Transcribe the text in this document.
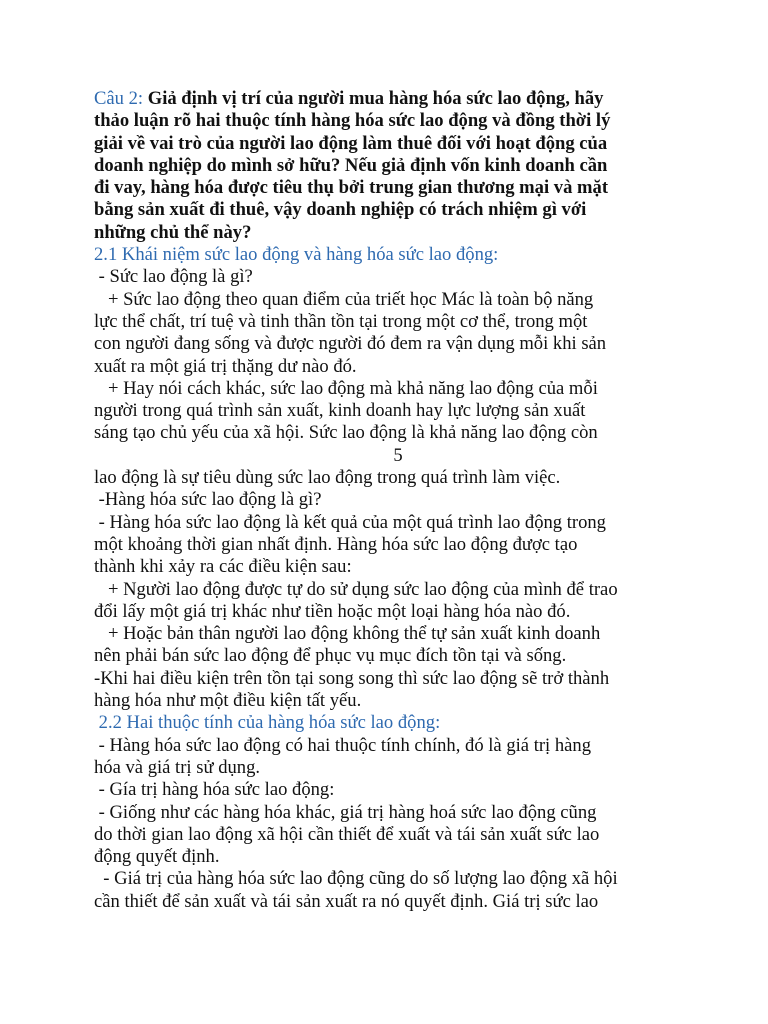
Câu 2: Giả định vị trí của người mua hàng hóa sức lao động, hãy
thảo luận rõ hai thuộc tính hàng hóa sức lao động và đồng thời lý
giải về vai trò của người lao động làm thuê đối với hoạt động của
doanh nghiệp do mình sở hữu? Nếu giả định vốn kinh doanh cần
đi vay, hàng hóa được tiêu thụ bởi trung gian thương mại và mặt
bằng sản xuất đi thuê, vậy doanh nghiệp có trách nhiệm gì với
những chủ thể này?
2.1 Khái niệm sức lao động và hàng hóa sức lao động:
- Sức lao động là gì?
+ Sức lao động theo quan điểm của triết học Mác là toàn bộ năng
lực thể chất, trí tuệ và tinh thần tồn tại trong một cơ thể, trong một
con người đang sống và được người đó đem ra vận dụng mỗi khi sản
xuất ra một giá trị thặng dư nào đó.
+ Hay nói cách khác, sức lao động mà khả năng lao động của mỗi
người trong quá trình sản xuất, kinh doanh hay lực lượng sản xuất
sáng tạo chủ yếu của xã hội. Sức lao động là khả năng lao động còn
5
lao động là sự tiêu dùng sức lao động trong quá trình làm việc.
-Hàng hóa sức lao động là gì?
- Hàng hóa sức lao động là kết quả của một quá trình lao động trong
một khoảng thời gian nhất định. Hàng hóa sức lao động được tạo
thành khi xảy ra các điều kiện sau:
+ Người lao động được tự do sử dụng sức lao động của mình để trao
đổi lấy một giá trị khác như tiền hoặc một loại hàng hóa nào đó.
+ Hoặc bản thân người lao động không thể tự sản xuất kinh doanh
nên phải bán sức lao động để phục vụ mục đích tồn tại và sống.
-Khi hai điều kiện trên tồn tại song song thì sức lao động sẽ trở thành
hàng hóa như một điều kiện tất yếu.
2.2 Hai thuộc tính của hàng hóa sức lao động:
- Hàng hóa sức lao động có hai thuộc tính chính, đó là giá trị hàng
hóa và giá trị sử dụng.
- Gía trị hàng hóa sức lao động:
- Giống như các hàng hóa khác, giá trị hàng hoá sức lao động cũng
do thời gian lao động xã hội cần thiết để xuất và tái sản xuất sức lao
động quyết định.
- Giá trị của hàng hóa sức lao động cũng do số lượng lao động xã hội
cần thiết để sản xuất và tái sản xuất ra nó quyết định. Giá trị sức lao
